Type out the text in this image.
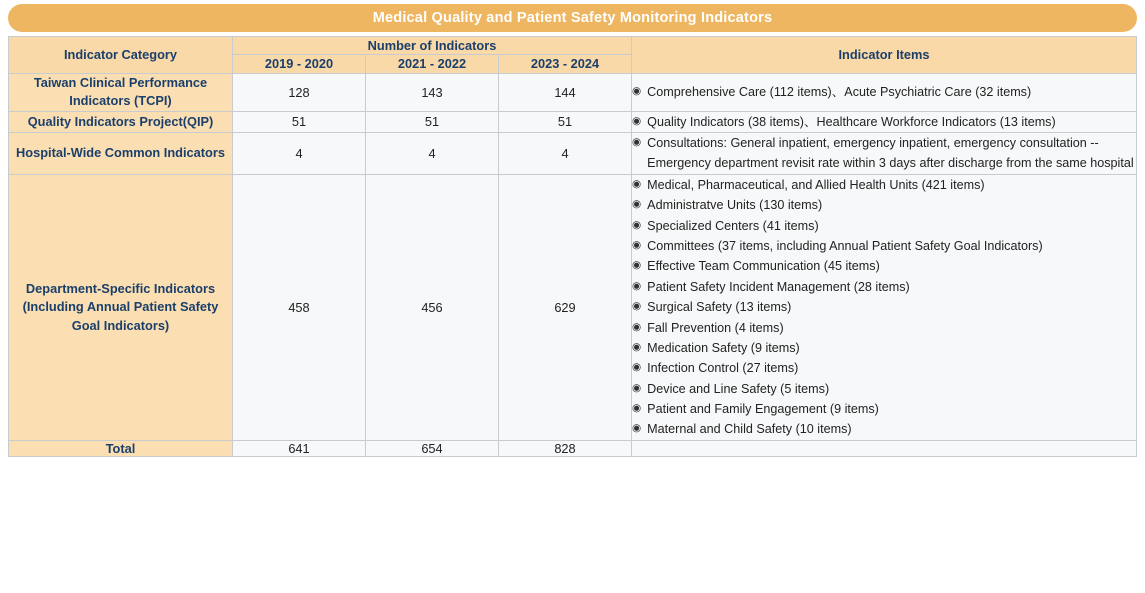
Medical Quality and Patient Safety Monitoring Indicators
Indicator Category	Number of Indicators			Indicator Items
	2019 - 2020	2021 - 2022	2023 - 2024	
Taiwan Clinical Performance Indicators (TCPI)	128	143	144	◉ Comprehensive Care (112 items)、Acute Psychiatric Care (32 items)

Quality Indicators Project(QIP)	51	51	51	◉ Quality Indicators (38 items)、Healthcare Workforce Indicators (13 items)

Hospital-Wide Common Indicators	4	4	4	◉ Consultations: General inpatient, emergency inpatient, emergency consultation -- Emergency department revisit rate within 3 days after discharge from the same hospital

Department-Specific Indicators (Including Annual Patient Safety Goal Indicators)	458	456	629	
◉ Medical, Pharmaceutical, and Allied Health Units (421 items)
◉ Administratve Units (130 items)
◉ Specialized Centers (41 items)
◉ Committees (37 items, including Annual Patient Safety Goal Indicators)
◉ Effective Team Communication (45 items)
◉ Patient Safety Incident Management (28 items)
◉ Surgical Safety (13 items)
◉ Fall Prevention (4 items)
◉ Medication Safety (9 items)
◉ Infection Control (27 items)
◉ Device and Line Safety (5 items)
◉ Patient and Family Engagement (9 items)
◉ Maternal and Child Safety (10 items)

Total	641	654	828	
